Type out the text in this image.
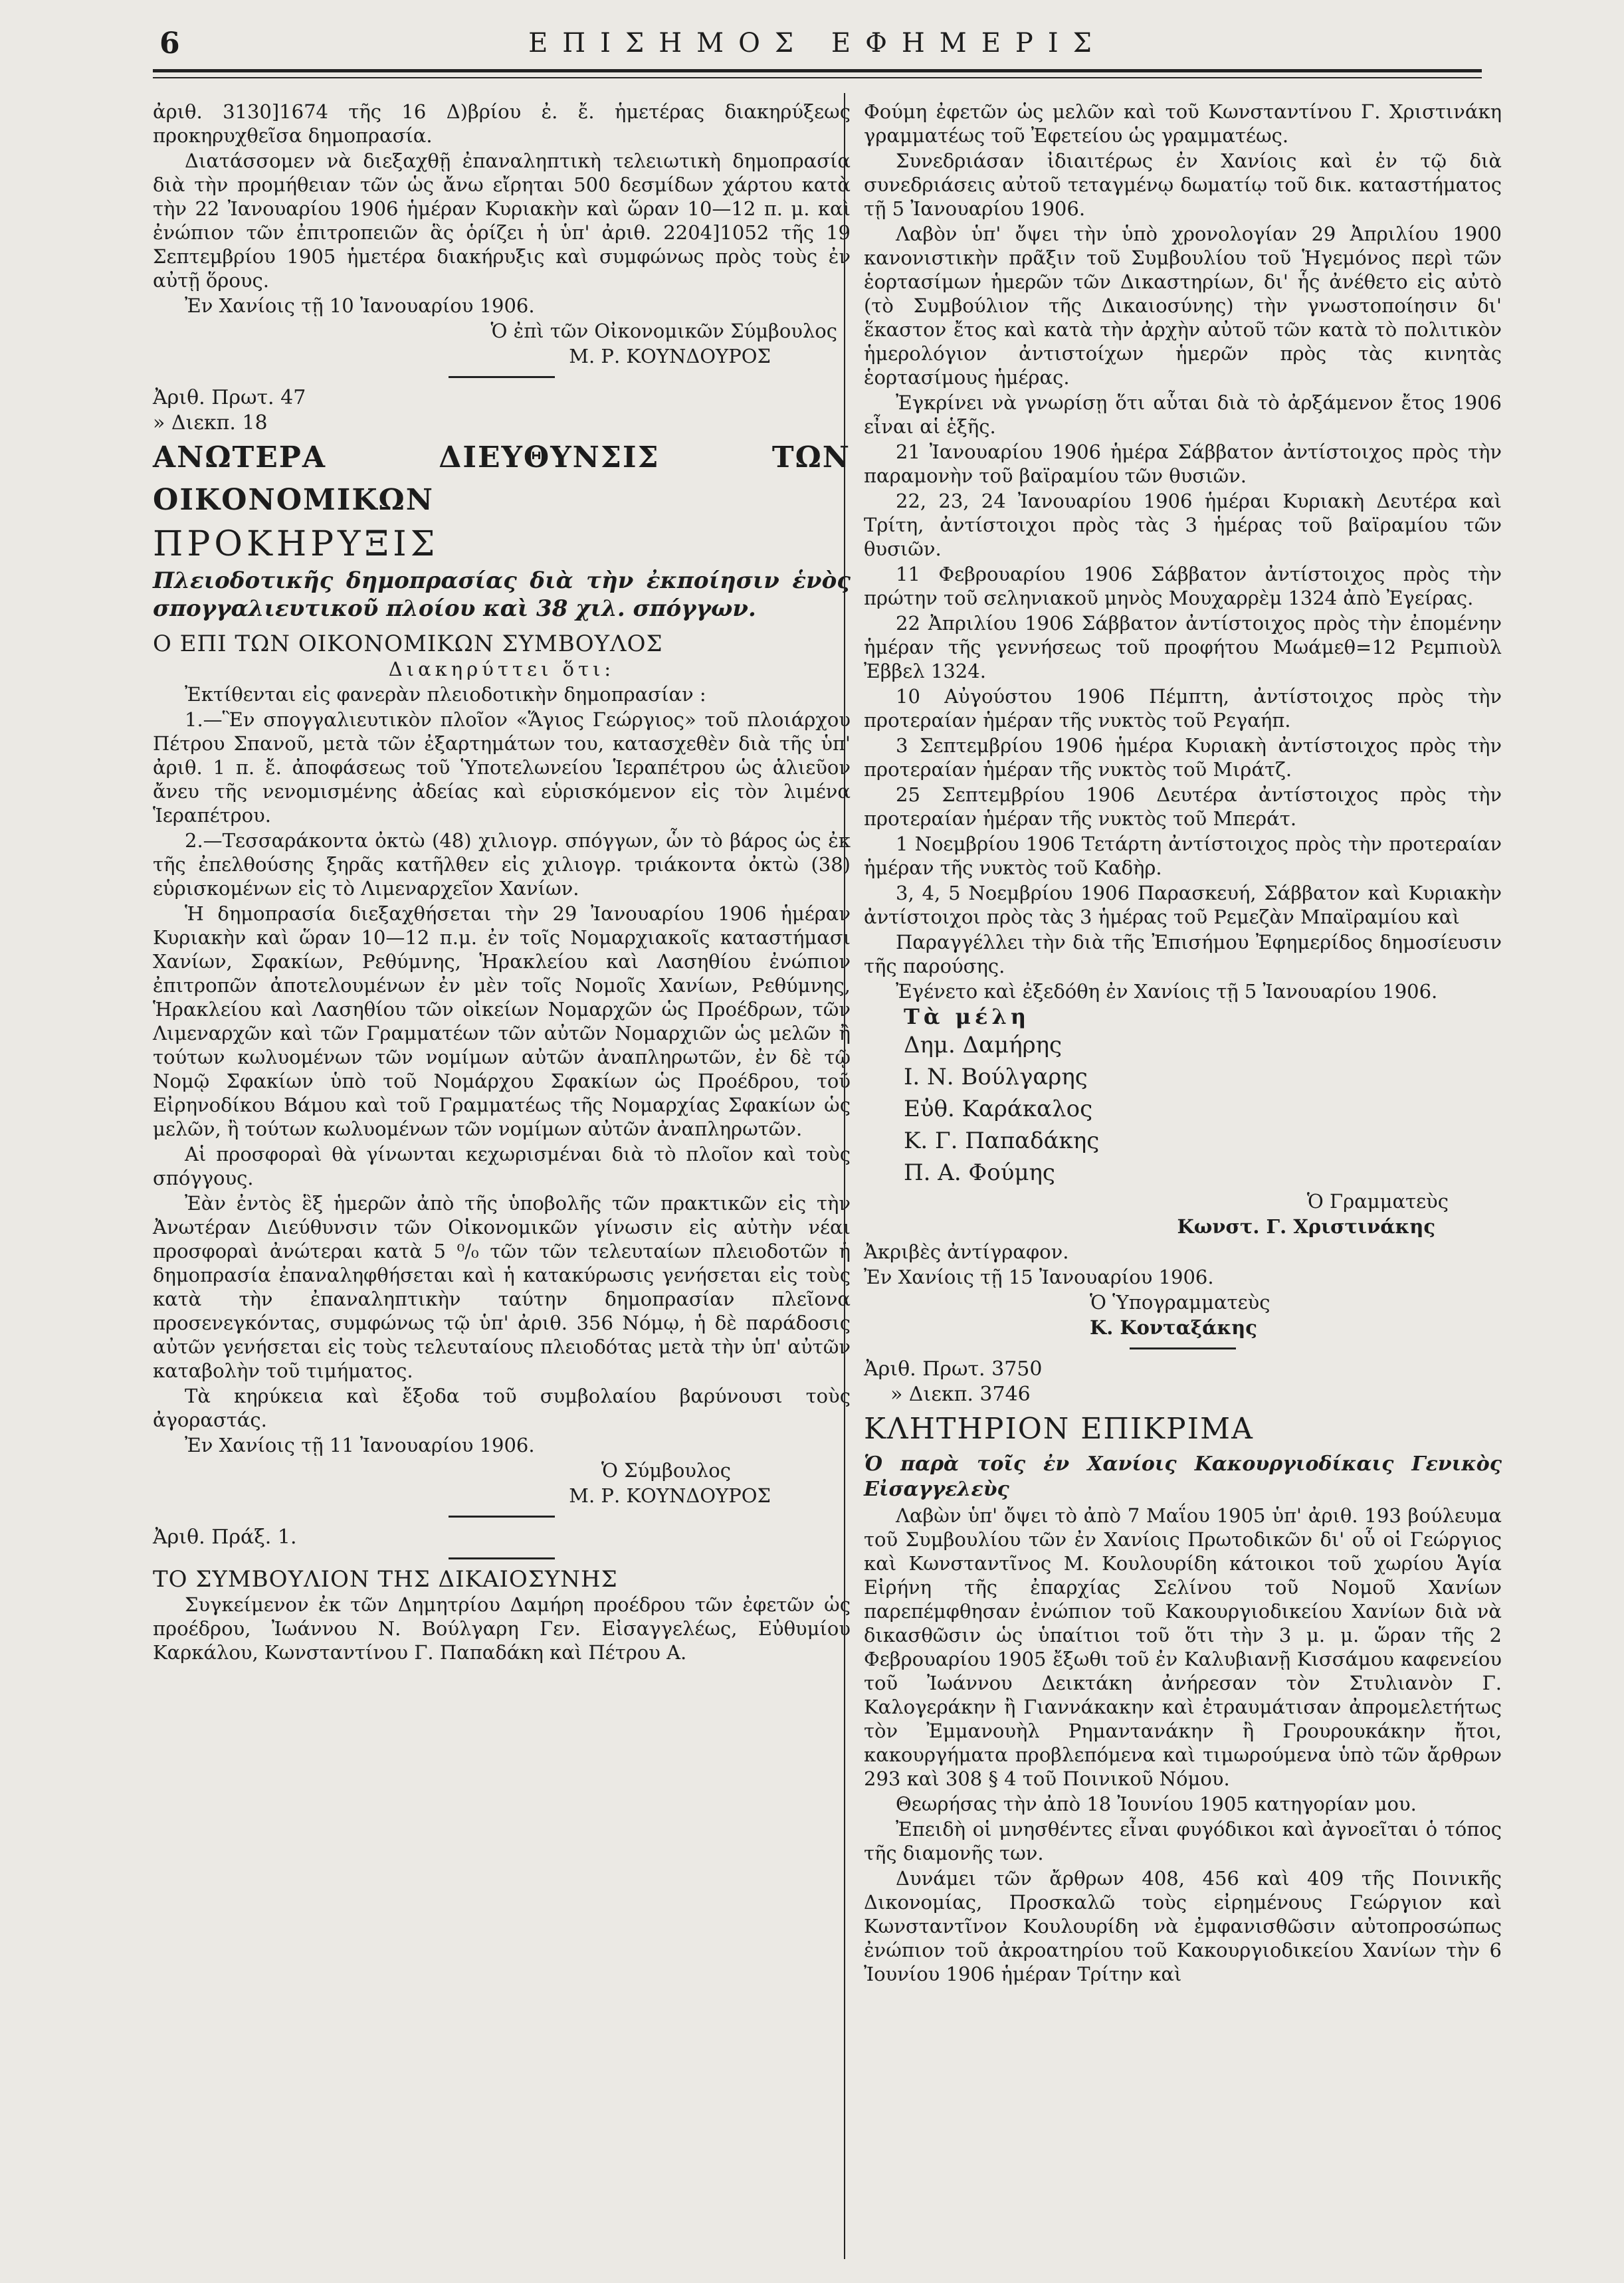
6	ΕΠΙΣΗΜΟΣ ΕΦΗΜΕΡΙΣ

ἀριθ. 3130]1674 τῆς 16 Δ)βρίου ἐ. ἔ. ἡμετέρας διακηρύξεως προκηρυχθεῖσα δημοπρασία.

Διατάσσομεν νὰ διεξαχθῇ ἐπαναληπτικὴ τελειωτικὴ δημοπρασία διὰ τὴν προμήθειαν τῶν ὡς ἄνω εἴρηται 500 δεσμίδων χάρτου κατὰ τὴν 22 Ἰανουαρίου 1906 ἡμέραν Κυριακὴν καὶ ὥραν 10—12 π. μ. καὶ ἐνώπιον τῶν ἐπιτροπειῶν ἃς ὁρίζει ἡ ὑπ' ἀριθ. 2204]1052 τῆς 19 Σεπτεμβρίου 1905 ἡμετέρα διακήρυξις καὶ συμφώνως πρὸς τοὺς ἐν αὐτῇ ὅρους.

Ἐν Χανίοις τῇ 10 Ἰανουαρίου 1906.

Ὁ ἐπὶ τῶν Οἰκονομικῶν Σύμβουλος

Μ. Ρ. ΚΟΥΝΔΟΥΡΟΣ

Ἀριθ. Πρωτ. 47

» Διεκπ. 18

ΑΝΩΤΕΡΑ ΔΙΕΥΘΥΝΣΙΣ ΤΩΝ ΟΙΚΟΝΟΜΙΚΩΝ

ΠΡΟΚΗΡΥΞΙΣ

Πλειοδοτικῆς δημοπρασίας διὰ τὴν ἐκποίησιν ἑνὸς σπογγαλιευτικοῦ πλοίου καὶ 38 χιλ. σπόγγων.

Ο ΕΠΙ ΤΩΝ ΟΙΚΟΝΟΜΙΚΩΝ ΣΥΜΒΟΥΛΟΣ

Διακηρύττει ὅτι:

Ἐκτίθενται εἰς φανερὰν πλειοδοτικὴν δημοπρασίαν :

1.—Ἓν σπογγαλιευτικὸν πλοῖον «Ἅγιος Γεώργιος» τοῦ πλοιάρχου Πέτρου Σπανοῦ, μετὰ τῶν ἐξαρτημάτων του, κατασχεθὲν διὰ τῆς ὑπ' ἀριθ. 1 π. ἔ. ἀποφάσεως τοῦ Ὑποτελωνείου Ἱεραπέτρου ὡς ἁλιεῦον ἄνευ τῆς νενομισμένης ἀδείας καὶ εὑρισκόμενον εἰς τὸν λιμένα Ἱεραπέτρου.

2.—Τεσσαράκοντα ὀκτὼ (48) χιλιογρ. σπόγγων, ὧν τὸ βάρος ὡς ἐκ τῆς ἐπελθούσης ξηρᾶς κατῆλθεν εἰς χιλιογρ. τριάκοντα ὀκτὼ (38) εὑρισκομένων εἰς τὸ Λιμεναρχεῖον Χανίων.

Ἡ δημοπρασία διεξαχθήσεται τὴν 29 Ἰανουαρίου 1906 ἡμέραν Κυριακὴν καὶ ὥραν 10—12 π.μ. ἐν τοῖς Νομαρχιακοῖς καταστήμασι Χανίων, Σφακίων, Ρεθύμνης, Ἡρακλείου καὶ Λασηθίου ἐνώπιον ἐπιτροπῶν ἀποτελουμένων ἐν μὲν τοῖς Νομοῖς Χανίων, Ρεθύμνης, Ἡρακλείου καὶ Λασηθίου τῶν οἰκείων Νομαρχῶν ὡς Προέδρων, τῶν Λιμεναρχῶν καὶ τῶν Γραμματέων τῶν αὐτῶν Νομαρχιῶν ὡς μελῶν ἢ τούτων κωλυομένων τῶν νομίμων αὐτῶν ἀναπληρωτῶν, ἐν δὲ τῷ Νομῷ Σφακίων ὑπὸ τοῦ Νομάρχου Σφακίων ὡς Προέδρου, τοῦ Εἰρηνοδίκου Βάμου καὶ τοῦ Γραμματέως τῆς Νομαρχίας Σφακίων ὡς μελῶν, ἢ τούτων κωλυομένων τῶν νομίμων αὐτῶν ἀναπληρωτῶν.

Αἱ προσφοραὶ θὰ γίνωνται κεχωρισμέναι διὰ τὸ πλοῖον καὶ τοὺς σπόγγους.

Ἐὰν ἐντὸς ἓξ ἡμερῶν ἀπὸ τῆς ὑποβολῆς τῶν πρακτικῶν εἰς τὴν Ἀνωτέραν Διεύθυνσιν τῶν Οἰκονομικῶν γίνωσιν εἰς αὐτὴν νέαι προσφοραὶ ἀνώτεραι κατὰ 5 ⁰/₀ τῶν τῶν τελευταίων πλειοδοτῶν ἡ δημοπρασία ἐπαναληφθήσεται καὶ ἡ κατακύρωσις γενήσεται εἰς τοὺς κατὰ τὴν ἐπαναληπτικὴν ταύτην δημοπρασίαν πλεῖονα προσενεγκόντας, συμφώνως τῷ ὑπ' ἀριθ. 356 Νόμῳ, ἡ δὲ παράδοσις αὐτῶν γενήσεται εἰς τοὺς τελευταίους πλειοδότας μετὰ τὴν ὑπ' αὐτῶν καταβολὴν τοῦ τιμήματος.

Τὰ κηρύκεια καὶ ἔξοδα τοῦ συμβολαίου βαρύνουσι τοὺς ἀγοραστάς.

Ἐν Χανίοις τῇ 11 Ἰανουαρίου 1906.

Ὁ Σύμβουλος

Μ. Ρ. ΚΟΥΝΔΟΥΡΟΣ

Ἀριθ. Πράξ. 1.

ΤΟ ΣΥΜΒΟΥΛΙΟΝ ΤΗΣ ΔΙΚΑΙΟΣΥΝΗΣ

Συγκείμενον ἐκ τῶν Δημητρίου Δαμήρη προέδρου τῶν ἐφετῶν ὡς προέδρου, Ἰωάννου Ν. Βούλγαρη Γεν. Εἰσαγγελέως, Εὐθυμίου Καρκάλου, Κωνσταντίνου Γ. Παπαδάκη καὶ Πέτρου Α.

Φούμη ἐφετῶν ὡς μελῶν καὶ τοῦ Κωνσταντίνου Γ. Χριστινάκη γραμματέως τοῦ Ἐφετείου ὡς γραμματέως.

Συνεδριάσαν ἰδιαιτέρως ἐν Χανίοις καὶ ἐν τῷ διὰ συνεδριάσεις αὐτοῦ τεταγμένῳ δωματίῳ τοῦ δικ. καταστήματος τῇ 5 Ἰανουαρίου 1906.

Λαβὸν ὑπ' ὄψει τὴν ὑπὸ χρονολογίαν 29 Ἀπριλίου 1900 κανονιστικὴν πρᾶξιν τοῦ Συμβουλίου τοῦ Ἡγεμόνος περὶ τῶν ἑορτασίμων ἡμερῶν τῶν Δικαστηρίων, δι' ἧς ἀνέθετο εἰς αὐτὸ (τὸ Συμβούλιον τῆς Δικαιοσύνης) τὴν γνωστοποίησιν δι' ἕκαστον ἔτος καὶ κατὰ τὴν ἀρχὴν αὐτοῦ τῶν κατὰ τὸ πολιτικὸν ἡμερολόγιον ἀντιστοίχων ἡμερῶν πρὸς τὰς κινητὰς ἑορτασίμους ἡμέρας.

Ἐγκρίνει νὰ γνωρίσῃ ὅτι αὗται διὰ τὸ ἀρξάμενον ἔτος 1906 εἶναι αἱ ἑξῆς.

21 Ἰανουαρίου 1906 ἡμέρα Σάββατον ἀντίστοιχος πρὸς τὴν παραμονὴν τοῦ βαϊραμίου τῶν θυσιῶν.

22, 23, 24 Ἰανουαρίου 1906 ἡμέραι Κυριακὴ Δευτέρα καὶ Τρίτη, ἀντίστοιχοι πρὸς τὰς 3 ἡμέρας τοῦ βαϊραμίου τῶν θυσιῶν.

11 Φεβρουαρίου 1906 Σάββατον ἀντίστοιχος πρὸς τὴν πρώτην τοῦ σεληνιακοῦ μηνὸς Μουχαρρὲμ 1324 ἀπὸ Ἐγείρας.

22 Ἀπριλίου 1906 Σάββατον ἀντίστοιχος πρὸς τὴν ἐπομένην ἡμέραν τῆς γεννήσεως τοῦ προφήτου Μωάμεθ=12 Ρεμπιοὺλ Ἐββελ 1324.

10 Αὐγούστου 1906 Πέμπτη, ἀντίστοιχος πρὸς τὴν προτεραίαν ἡμέραν τῆς νυκτὸς τοῦ Ρεγαήπ.

3 Σεπτεμβρίου 1906 ἡμέρα Κυριακὴ ἀντίστοιχος πρὸς τὴν προτεραίαν ἡμέραν τῆς νυκτὸς τοῦ Μιράτζ.

25 Σεπτεμβρίου 1906 Δευτέρα ἀντίστοιχος πρὸς τὴν προτεραίαν ἡμέραν τῆς νυκτὸς τοῦ Μπεράτ.

1 Νοεμβρίου 1906 Τετάρτη ἀντίστοιχος πρὸς τὴν προτεραίαν ἡμέραν τῆς νυκτὸς τοῦ Καδὴρ.

3, 4, 5 Νοεμβρίου 1906 Παρασκευή, Σάββατον καὶ Κυριακὴν ἀντίστοιχοι πρὸς τὰς 3 ἡμέρας τοῦ Ρεμεζὰν Μπαϊραμίου καὶ

Παραγγέλλει τὴν διὰ τῆς Ἐπισήμου Ἐφημερίδος δημοσίευσιν τῆς παρούσης.

Ἐγένετο καὶ ἐξεδόθη ἐν Χανίοις τῇ 5 Ἰανουαρίου 1906.

Τὰ μέλη

Δημ. Δαμήρης

Ι. Ν. Βούλγαρης

Εὐθ. Καράκαλος

Κ. Γ. Παπαδάκης

Π. Α. Φούμης

Ὁ Γραμματεὺς

Κωνστ. Γ. Χριστινάκης

Ἀκριβὲς ἀντίγραφον.

Ἐν Χανίοις τῇ 15 Ἰανουαρίου 1906.

Ὁ Ὑπογραμματεὺς

Κ. Κονταξάκης

Ἀριθ. Πρωτ. 3750

» Διεκπ. 3746

ΚΛΗΤΗΡΙΟΝ ΕΠΙΚΡΙΜΑ

Ὁ παρὰ τοῖς ἐν Χανίοις Κακουργιοδίκαις Γενικὸς Εἰσαγγελεὺς

Λαβὼν ὑπ' ὄψει τὸ ἀπὸ 7 Μαΐου 1905 ὑπ' ἀριθ. 193 βούλευμα τοῦ Συμβουλίου τῶν ἐν Χανίοις Πρωτοδικῶν δι' οὗ οἱ Γεώργιος καὶ Κωνσταντῖνος Μ. Κουλουρίδη κάτοικοι τοῦ χωρίου Ἁγία Εἰρήνη τῆς ἐπαρχίας Σελίνου τοῦ Νομοῦ Χανίων παρεπέμφθησαν ἐνώπιον τοῦ Κακουργιοδικείου Χανίων διὰ νὰ δικασθῶσιν ὡς ὑπαίτιοι τοῦ ὅτι τὴν 3 μ. μ. ὥραν τῆς 2 Φεβρουαρίου 1905 ἔξωθι τοῦ ἐν Καλυβιανῇ Κισσάμου καφενείου τοῦ Ἰωάννου Δεικτάκη ἀνήρεσαν τὸν Στυλιανὸν Γ. Καλογεράκην ἢ Γιαννάκακην καὶ ἐτραυμάτισαν ἀπρομελετήτως τὸν Ἐμμανουὴλ Ρημαντανάκην ἢ Γρουρουκάκην ἤτοι, κακουργήματα προβλεπόμενα καὶ τιμωρούμενα ὑπὸ τῶν ἄρθρων 293 καὶ 308 § 4 τοῦ Ποινικοῦ Νόμου.

Θεωρήσας τὴν ἀπὸ 18 Ἰουνίου 1905 κατηγορίαν μου.

Ἐπειδὴ οἱ μνησθέντες εἶναι φυγόδικοι καὶ ἀγνοεῖται ὁ τόπος τῆς διαμονῆς των.

Δυνάμει τῶν ἄρθρων 408, 456 καὶ 409 τῆς Ποινικῆς Δικονομίας, Προσκαλῶ τοὺς εἰρημένους Γεώργιον καὶ Κωνσταντῖνον Κουλουρίδη νὰ ἐμφανισθῶσιν αὐτοπροσώπως ἐνώπιον τοῦ ἀκροατηρίου τοῦ Κακουργιοδικείου Χανίων τὴν 6 Ἰουνίου 1906 ἡμέραν Τρίτην καὶ
